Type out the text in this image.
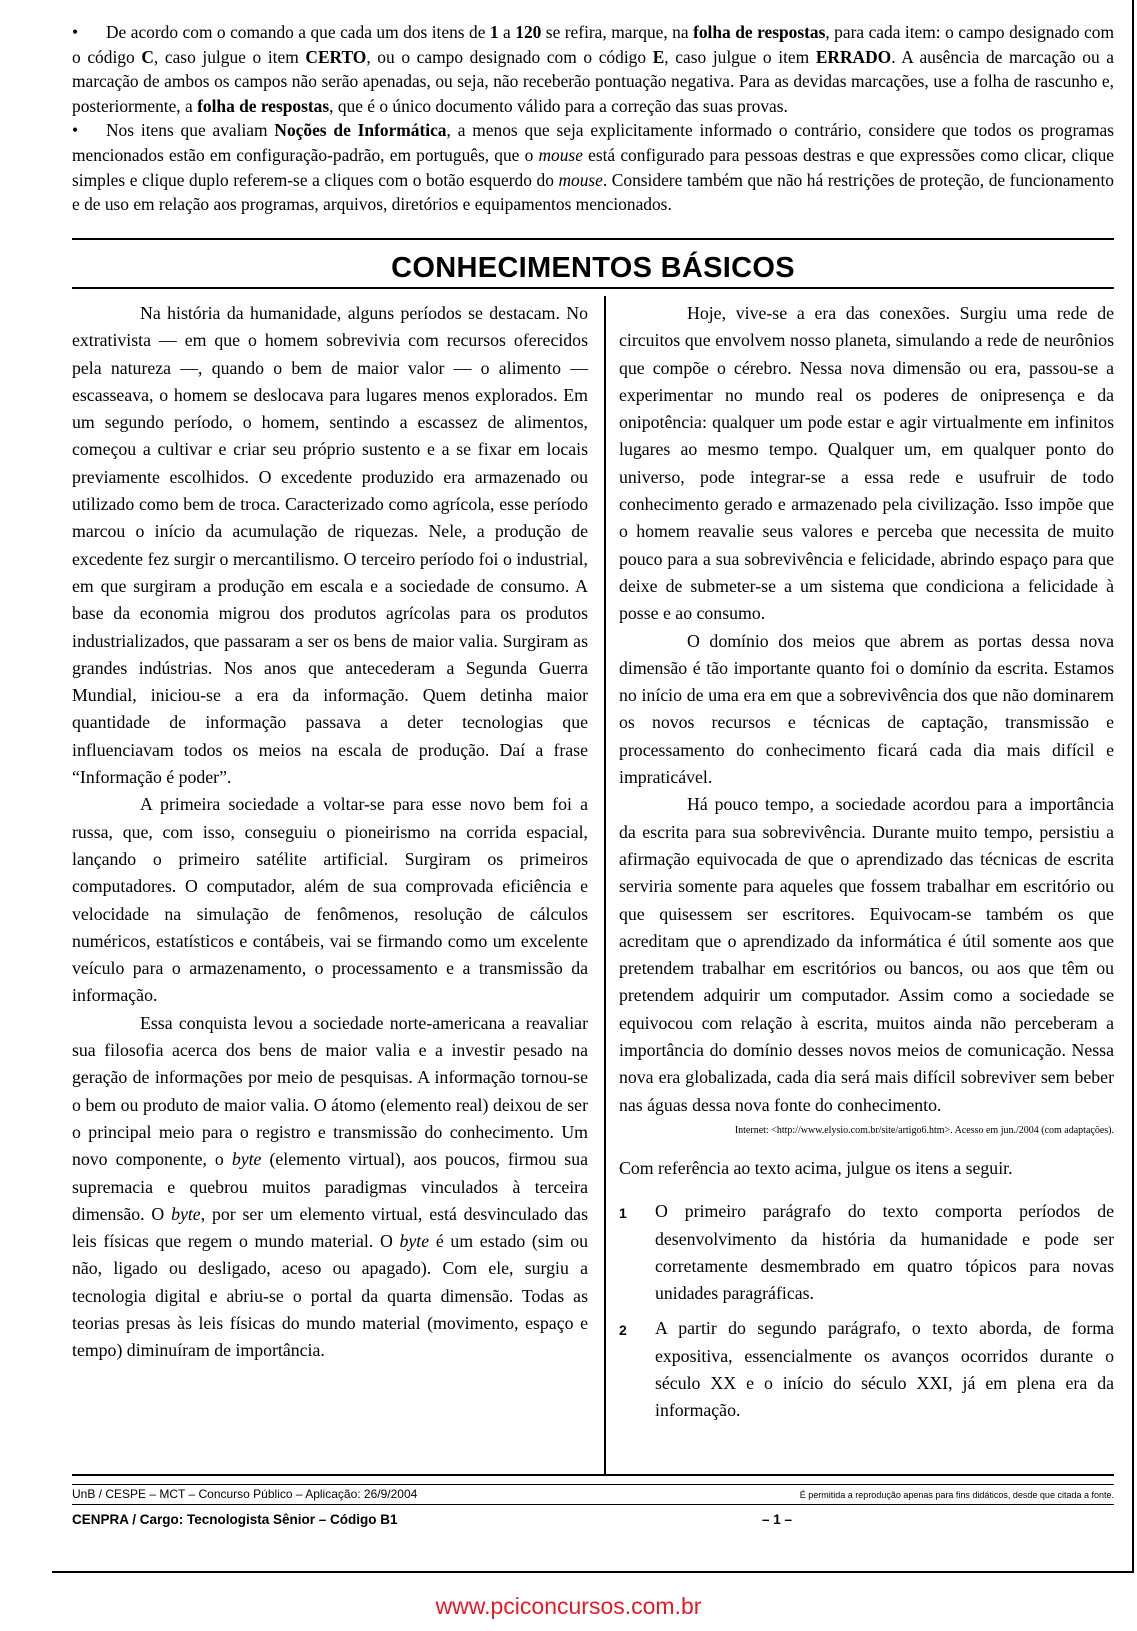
• De acordo com o comando a que cada um dos itens de 1 a 120 se refira, marque, na folha de respostas, para cada item: o campo designado com o código C, caso julgue o item CERTO, ou o campo designado com o código E, caso julgue o item ERRADO. A ausência de marcação ou a marcação de ambos os campos não serão apenadas, ou seja, não receberão pontuação negativa. Para as devidas marcações, use a folha de rascunho e, posteriormente, a folha de respostas, que é o único documento válido para a correção das suas provas.

• Nos itens que avaliam Noções de Informática, a menos que seja explicitamente informado o contrário, considere que todos os programas mencionados estão em configuração-padrão, em português, que o mouse está configurado para pessoas destras e que expressões como clicar, clique simples e clique duplo referem-se a cliques com o botão esquerdo do mouse. Considere também que não há restrições de proteção, de funcionamento e de uso em relação aos programas, arquivos, diretórios e equipamentos mencionados.

CONHECIMENTOS BÁSICOS

Na história da humanidade, alguns períodos se destacam. No extrativista — em que o homem sobrevivia com recursos oferecidos pela natureza —, quando o bem de maior valor — o alimento — escasseava, o homem se deslocava para lugares menos explorados. Em um segundo período, o homem, sentindo a escassez de alimentos, começou a cultivar e criar seu próprio sustento e a se fixar em locais previamente escolhidos. O excedente produzido era armazenado ou utilizado como bem de troca. Caracterizado como agrícola, esse período marcou o início da acumulação de riquezas. Nele, a produção de excedente fez surgir o mercantilismo. O terceiro período foi o industrial, em que surgiram a produção em escala e a sociedade de consumo. A base da economia migrou dos produtos agrícolas para os produtos industrializados, que passaram a ser os bens de maior valia. Surgiram as grandes indústrias. Nos anos que antecederam a Segunda Guerra Mundial, iniciou-se a era da informação. Quem detinha maior quantidade de informação passava a deter tecnologias que influenciavam todos os meios na escala de produção. Daí a frase “Informação é poder”.

A primeira sociedade a voltar-se para esse novo bem foi a russa, que, com isso, conseguiu o pioneirismo na corrida espacial, lançando o primeiro satélite artificial. Surgiram os primeiros computadores. O computador, além de sua comprovada eficiência e velocidade na simulação de fenômenos, resolução de cálculos numéricos, estatísticos e contábeis, vai se firmando como um excelente veículo para o armazenamento, o processamento e a transmissão da informação.

Essa conquista levou a sociedade norte-americana a reavaliar sua filosofia acerca dos bens de maior valia e a investir pesado na geração de informações por meio de pesquisas. A informação tornou-se o bem ou produto de maior valia. O átomo (elemento real) deixou de ser o principal meio para o registro e transmissão do conhecimento. Um novo componente, o byte (elemento virtual), aos poucos, firmou sua supremacia e quebrou muitos paradigmas vinculados à terceira dimensão. O byte, por ser um elemento virtual, está desvinculado das leis físicas que regem o mundo material. O byte é um estado (sim ou não, ligado ou desligado, aceso ou apagado). Com ele, surgiu a tecnologia digital e abriu-se o portal da quarta dimensão. Todas as teorias presas às leis físicas do mundo material (movimento, espaço e tempo) diminuíram de importância.

Hoje, vive-se a era das conexões. Surgiu uma rede de circuitos que envolvem nosso planeta, simulando a rede de neurônios que compõe o cérebro. Nessa nova dimensão ou era, passou-se a experimentar no mundo real os poderes de onipresença e da onipotência: qualquer um pode estar e agir virtualmente em infinitos lugares ao mesmo tempo. Qualquer um, em qualquer ponto do universo, pode integrar-se a essa rede e usufruir de todo conhecimento gerado e armazenado pela civilização. Isso impõe que o homem reavalie seus valores e perceba que necessita de muito pouco para a sua sobrevivência e felicidade, abrindo espaço para que deixe de submeter-se a um sistema que condiciona a felicidade à posse e ao consumo.

O domínio dos meios que abrem as portas dessa nova dimensão é tão importante quanto foi o domínio da escrita. Estamos no início de uma era em que a sobrevivência dos que não dominarem os novos recursos e técnicas de captação, transmissão e processamento do conhecimento ficará cada dia mais difícil e impraticável.

Há pouco tempo, a sociedade acordou para a importância da escrita para sua sobrevivência. Durante muito tempo, persistiu a afirmação equivocada de que o aprendizado das técnicas de escrita serviria somente para aqueles que fossem trabalhar em escritório ou que quisessem ser escritores. Equivocam-se também os que acreditam que o aprendizado da informática é útil somente aos que pretendem trabalhar em escritórios ou bancos, ou aos que têm ou pretendem adquirir um computador. Assim como a sociedade se equivocou com relação à escrita, muitos ainda não perceberam a importância do domínio desses novos meios de comunicação. Nessa nova era globalizada, cada dia será mais difícil sobreviver sem beber nas águas dessa nova fonte do conhecimento.

Internet: <http://www.elysio.com.br/site/artigo6.htm>. Acesso em jun./2004 (com adaptações).

Com referência ao texto acima, julgue os itens a seguir.

1	O primeiro parágrafo do texto comporta períodos de desenvolvimento da história da humanidade e pode ser corretamente desmembrado em quatro tópicos para novas unidades paragráficas.
2	A partir do segundo parágrafo, o texto aborda, de forma expositiva, essencialmente os avanços ocorridos durante o século XX e o início do século XXI, já em plena era da informação.
UnB / CESPE – MCT – Concurso Público – Aplicação: 26/9/2004	É permitida a reprodução apenas para fins didáticos, desde que citada a fonte.
CENPRA / Cargo: Tecnologista Sênior – Código B1	– 1 –
www.pciconcursos.com.br
